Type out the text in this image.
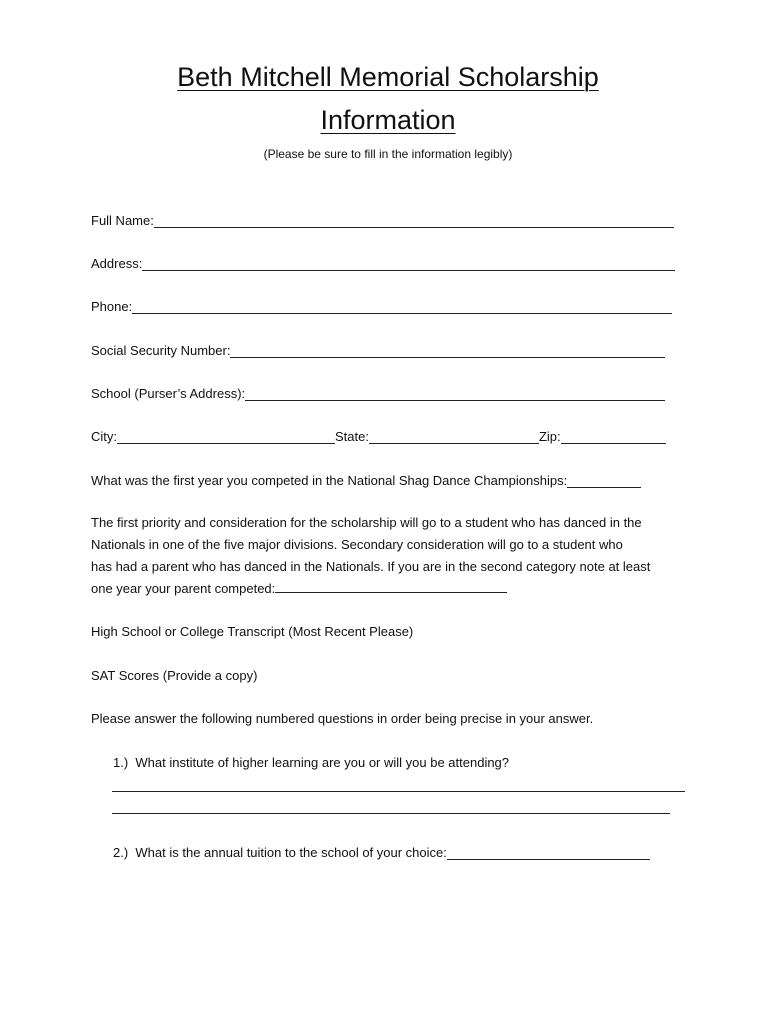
Beth Mitchell Memorial Scholarship
Information
(Please be sure to fill in the information legibly)
Full Name:
Address:
Phone:
Social Security Number:
School (Purser’s Address):
City:	State:	Zip:
What was the first year you competed in the National Shag Dance Championships:
The first priority and consideration for the scholarship will go to a student who has danced in the
Nationals in one of the five major divisions. Secondary consideration will go to a student who
has had a parent who has danced in the Nationals. If you are in the second category note at least
one year your parent competed:
High School or College Transcript (Most Recent Please)
SAT Scores (Provide a copy)
Please answer the following numbered questions in order being precise in your answer.
1.) What institute of higher learning are you or will you be attending?
2.)
What is the annual tuition to the school of your choice:
